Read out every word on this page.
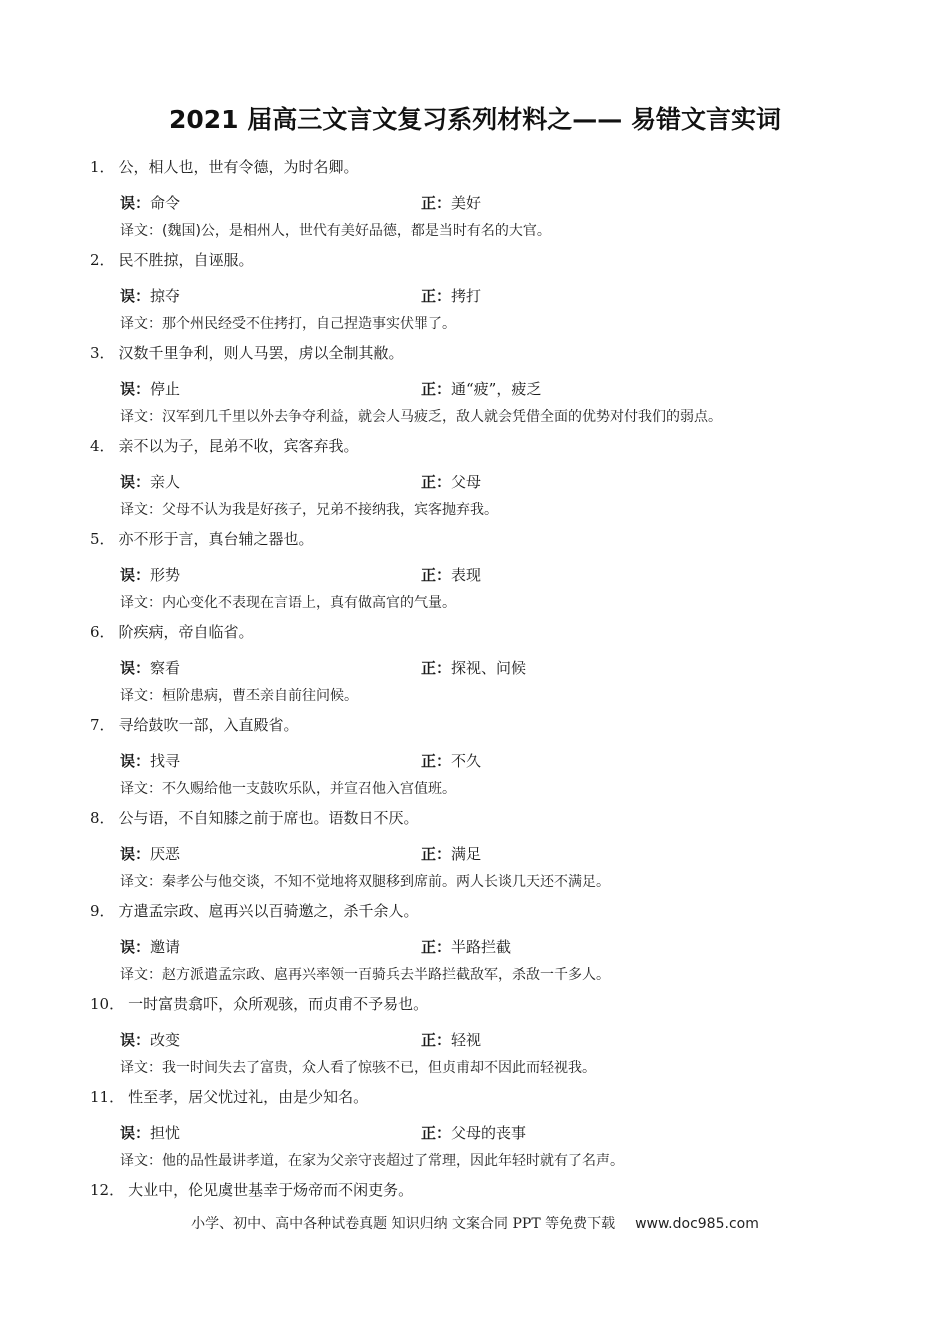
2021 届高三文言文复习系列材料之—— 易错文言实词
1． 公，相人也，世有令德，为时名卿。
误：命令	正：美好
译文：(魏国)公，是相州人，世代有美好品德，都是当时有名的大官。
2． 民不胜掠，自诬服。
误：掠夺	正：拷打
译文：那个州民经受不住拷打，自己捏造事实伏罪了。
3． 汉数千里争利，则人马罢，虏以全制其敝。
误：停止	正：通“疲”，疲乏
译文：汉军到几千里以外去争夺利益，就会人马疲乏，敌人就会凭借全面的优势对付我们的弱点。
4． 亲不以为子，昆弟不收，宾客弃我。
误：亲人	正：父母
译文：父母不认为我是好孩子，兄弟不接纳我，宾客抛弃我。
5． 亦不形于言，真台辅之器也。
误：形势	正：表现
译文：内心变化不表现在言语上，真有做高官的气量。
6． 阶疾病，帝自临省。
误：察看	正：探视、问候
译文：桓阶患病，曹丕亲自前往问候。
7． 寻给鼓吹一部，入直殿省。
误：找寻	正：不久
译文：不久赐给他一支鼓吹乐队，并宣召他入宫值班。
8． 公与语，不自知膝之前于席也。语数日不厌。
误：厌恶	正：满足
译文：秦孝公与他交谈，不知不觉地将双腿移到席前。两人长谈几天还不满足。
9． 方遣孟宗政、扈再兴以百骑邀之，杀千余人。
误：邀请	正：半路拦截
译文：赵方派遣孟宗政、扈再兴率领一百骑兵去半路拦截敌军，杀敌一千多人。
10． 一时富贵翕吓，众所观骇，而贞甫不予易也。
误：改变	正：轻视
译文：我一时间失去了富贵，众人看了惊骇不已，但贞甫却不因此而轻视我。
11． 性至孝，居父忧过礼，由是少知名。
误：担忧	正：父母的丧事
译文：他的品性最讲孝道，在家为父亲守丧超过了常理，因此年轻时就有了名声。
12． 大业中，伦见虞世基幸于炀帝而不闲吏务。
小学、初中、高中各种试卷真题 知识归纳 文案合同 PPT 等免费下载 www.doc985.com
